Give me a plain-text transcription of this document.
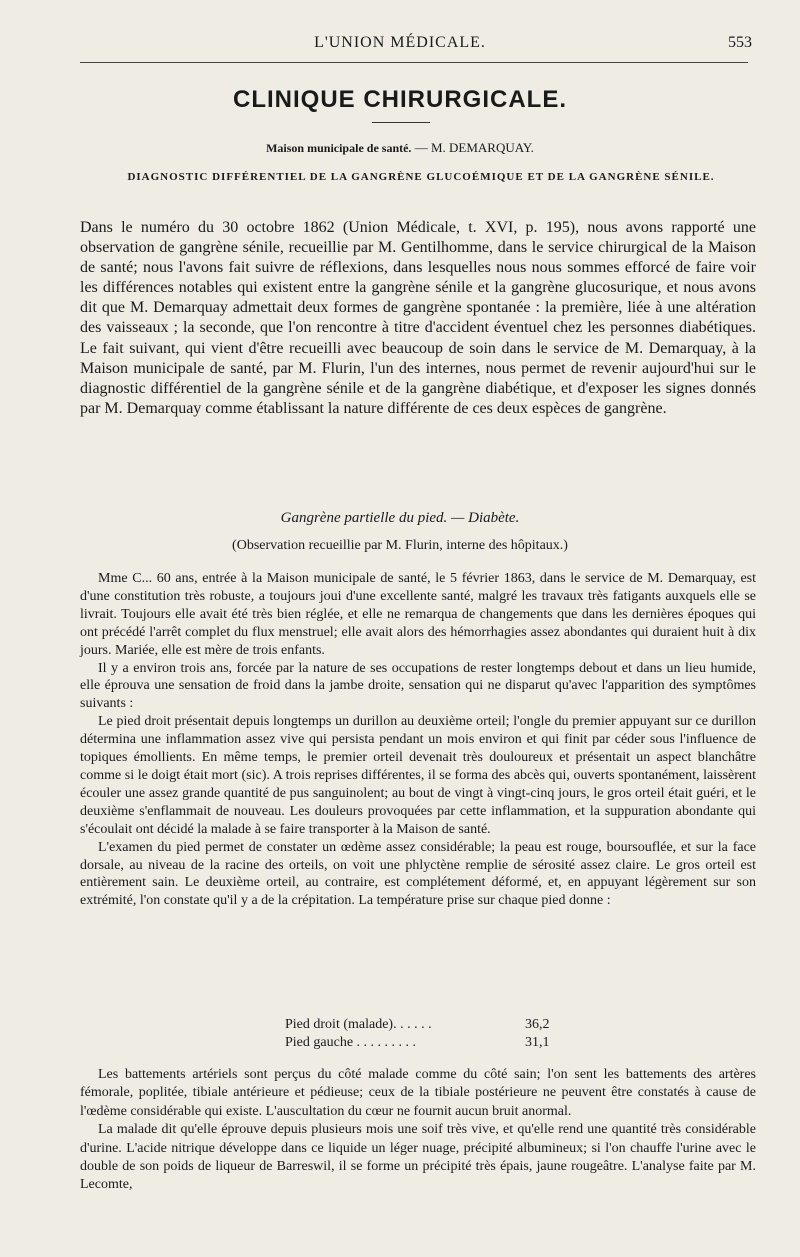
L'UNION MÉDICALE.	553
CLINIQUE CHIRURGICALE.
Maison municipale de santé. — M. DEMARQUAY.
DIAGNOSTIC DIFFÉRENTIEL DE LA GANGRÈNE GLUCOÉMIQUE ET DE LA GANGRÈNE SÉNILE.
Dans le numéro du 30 octobre 1862 (Union Médicale, t. XVI, p. 195), nous avons rapporté une observation de gangrène sénile, recueillie par M. Gentilhomme, dans le service chirurgical de la Maison de santé; nous l'avons fait suivre de réflexions, dans lesquelles nous nous sommes efforcé de faire voir les différences notables qui existent entre la gangrène sénile et la gangrène glucosurique, et nous avons dit que M. Demarquay admettait deux formes de gangrène spontanée : la première, liée à une altération des vaisseaux ; la seconde, que l'on rencontre à titre d'accident éventuel chez les personnes diabétiques. Le fait suivant, qui vient d'être recueilli avec beaucoup de soin dans le service de M. Demarquay, à la Maison municipale de santé, par M. Flurin, l'un des internes, nous permet de revenir aujourd'hui sur le diagnostic différentiel de la gangrène sénile et de la gangrène diabétique, et d'exposer les signes donnés par M. Demarquay comme établissant la nature différente de ces deux espèces de gangrène.
Gangrène partielle du pied. — Diabète.
(Observation recueillie par M. Flurin, interne des hôpitaux.)

Mme C... 60 ans, entrée à la Maison municipale de santé, le 5 février 1863, dans le service de M. Demarquay, est d'une constitution très robuste, a toujours joui d'une excellente santé, malgré les travaux très fatigants auxquels elle se livrait. Toujours elle avait été très bien réglée, et elle ne remarqua de changements que dans les dernières époques qui ont précédé l'arrêt complet du flux menstruel; elle avait alors des hémorrhagies assez abondantes qui duraient huit à dix jours. Mariée, elle est mère de trois enfants.

Il y a environ trois ans, forcée par la nature de ses occupations de rester longtemps debout et dans un lieu humide, elle éprouva une sensation de froid dans la jambe droite, sensation qui ne disparut qu'avec l'apparition des symptômes suivants :

Le pied droit présentait depuis longtemps un durillon au deuxième orteil; l'ongle du premier appuyant sur ce durillon détermina une inflammation assez vive qui persista pendant un mois environ et qui finit par céder sous l'influence de topiques émollients. En même temps, le premier orteil devenait très douloureux et présentait un aspect blanchâtre comme si le doigt était mort (sic). A trois reprises différentes, il se forma des abcès qui, ouverts spontanément, laissèrent écouler une assez grande quantité de pus sanguinolent; au bout de vingt à vingt-cinq jours, le gros orteil était guéri, et le deuxième s'enflammait de nouveau. Les douleurs provoquées par cette inflammation, et la suppuration abondante qui s'écoulait ont décidé la malade à se faire transporter à la Maison de santé.

L'examen du pied permet de constater un œdème assez considérable; la peau est rouge, boursouflée, et sur la face dorsale, au niveau de la racine des orteils, on voit une phlyctène remplie de sérosité assez claire. Le gros orteil est entièrement sain. Le deuxième orteil, au contraire, est complétement déformé, et, en appuyant légèrement sur son extrémité, l'on constate qu'il y a de la crépitation. La température prise sur chaque pied donne :

Pied droit (malade). . . . . .	36,2
Pied gauche . . . . . . . . .	31,1

Les battements artériels sont perçus du côté malade comme du côté sain; l'on sent les battements des artères fémorale, poplitée, tibiale antérieure et pédieuse; ceux de la tibiale postérieure ne peuvent être constatés à cause de l'œdème considérable qui existe. L'auscultation du cœur ne fournit aucun bruit anormal.

La malade dit qu'elle éprouve depuis plusieurs mois une soif très vive, et qu'elle rend une quantité très considérable d'urine. L'acide nitrique développe dans ce liquide un léger nuage, précipité albumineux; si l'on chauffe l'urine avec le double de son poids de liqueur de Barreswil, il se forme un précipité très épais, jaune rougeâtre. L'analyse faite par M. Lecomte,
